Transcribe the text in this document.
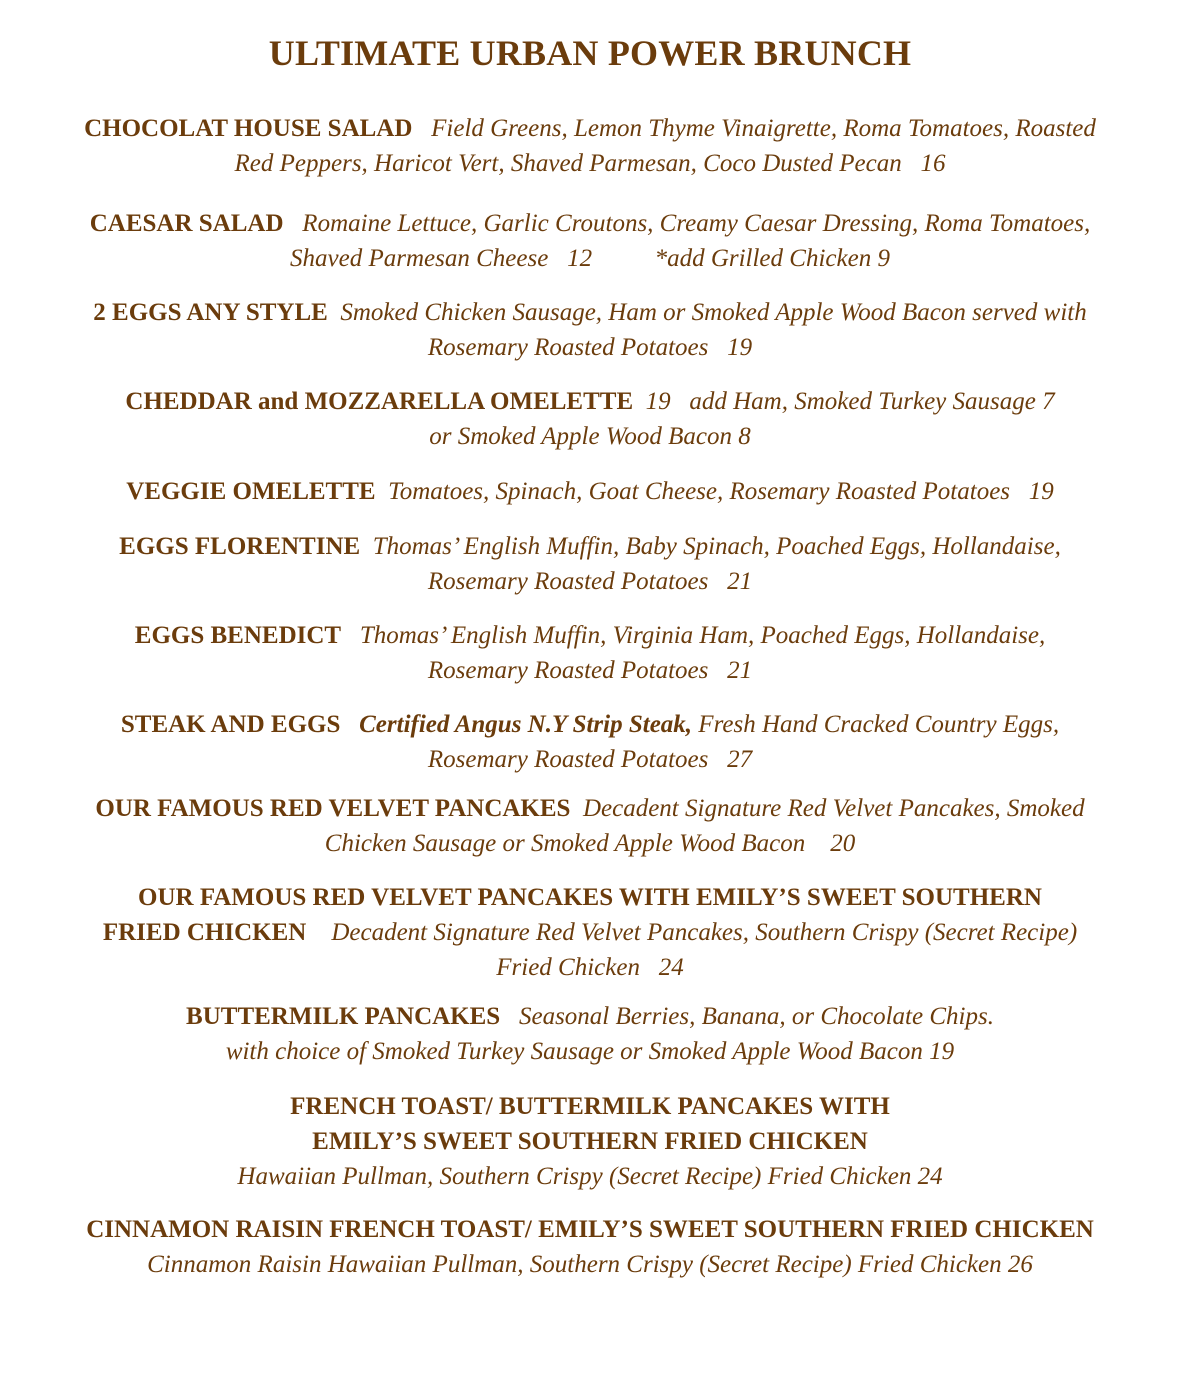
ULTIMATE URBAN POWER BRUNCH
CHOCOLAT HOUSE SALAD Field Greens, Lemon Thyme Vinaigrette, Roma Tomatoes, Roasted
Red Peppers, Haricot Vert, Shaved Parmesan, Coco Dusted Pecan 16
CAESAR SALAD Romaine Lettuce, Garlic Croutons, Creamy Caesar Dressing, Roma Tomatoes,
Shaved Parmesan Cheese 12	*add Grilled Chicken 9
2 EGGS ANY STYLE Smoked Chicken Sausage, Ham or Smoked Apple Wood Bacon served with
Rosemary Roasted Potatoes 19
CHEDDAR and MOZZARELLA OMELETTE 19 add Ham, Smoked Turkey Sausage 7
or Smoked Apple Wood Bacon 8
VEGGIE OMELETTE Tomatoes, Spinach, Goat Cheese, Rosemary Roasted Potatoes 19
EGGS FLORENTINE Thomas’ English Muffin, Baby Spinach, Poached Eggs, Hollandaise,
Rosemary Roasted Potatoes 21
EGGS BENEDICT Thomas’ English Muffin, Virginia Ham, Poached Eggs, Hollandaise,
Rosemary Roasted Potatoes 21
STEAK AND EGGS Certified Angus N.Y Strip Steak, Fresh Hand Cracked Country Eggs,
Rosemary Roasted Potatoes 27
OUR FAMOUS RED VELVET PANCAKES Decadent Signature Red Velvet Pancakes, Smoked
Chicken Sausage or Smoked Apple Wood Bacon 20
OUR FAMOUS RED VELVET PANCAKES WITH EMILY’S SWEET SOUTHERN
FRIED CHICKEN Decadent Signature Red Velvet Pancakes, Southern Crispy (Secret Recipe)
Fried Chicken 24
BUTTERMILK PANCAKES Seasonal Berries, Banana, or Chocolate Chips.
with choice of Smoked Turkey Sausage or Smoked Apple Wood Bacon 19
FRENCH TOAST/ BUTTERMILK PANCAKES WITH
EMILY’S SWEET SOUTHERN FRIED CHICKEN
Hawaiian Pullman, Southern Crispy (Secret Recipe) Fried Chicken 24
CINNAMON RAISIN FRENCH TOAST/ EMILY’S SWEET SOUTHERN FRIED CHICKEN
Cinnamon Raisin Hawaiian Pullman, Southern Crispy (Secret Recipe) Fried Chicken 26
